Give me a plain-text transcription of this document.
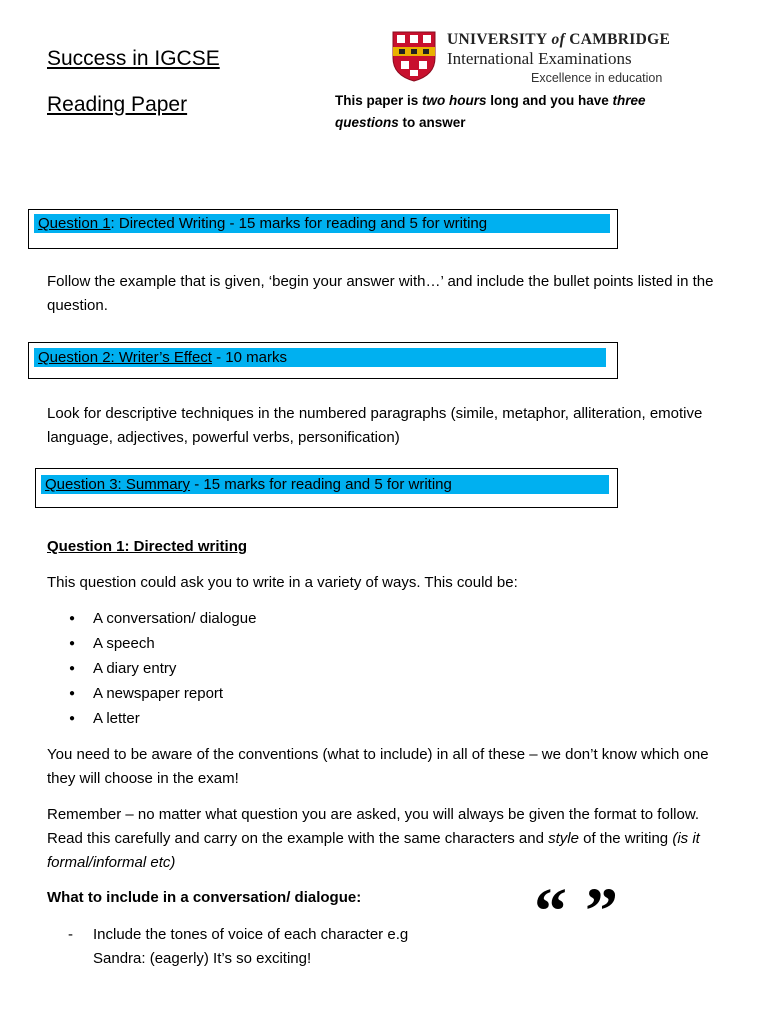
Success in IGCSE
Reading Paper	This paper is two hours long and you have three
questions to answer
UNIVERSITY of CAMBRIDGE
International Examinations
Excellence in education
Question 1: Directed Writing - 15 marks for reading and 5 for writing
Follow the example that is given, ‘begin your answer with…’ and include the bullet points listed in the question.
Question 2: Writer’s Effect - 10 marks
Look for descriptive techniques in the numbered paragraphs (simile, metaphor, alliteration, emotive language, adjectives, powerful verbs, personification)
Question 3: Summary - 15 marks for reading and 5 for writing
Question 1: Directed writing
This question could ask you to write in a variety of ways. This could be:
● A conversation/ dialogue
● A speech
● A diary entry
● A newspaper report
● A letter
You need to be aware of the conventions (what to include) in all of these – we don’t know which one they will choose in the exam!
Remember – no matter what question you are asked, you will always be given the format to follow. Read this carefully and carry on the example with the same characters and style of the writing (is it formal/informal etc)
What to include in a conversation/ dialogue:	“ ”
- Include the tones of voice of each character e.g
Sandra: (eagerly) It’s so exciting!
